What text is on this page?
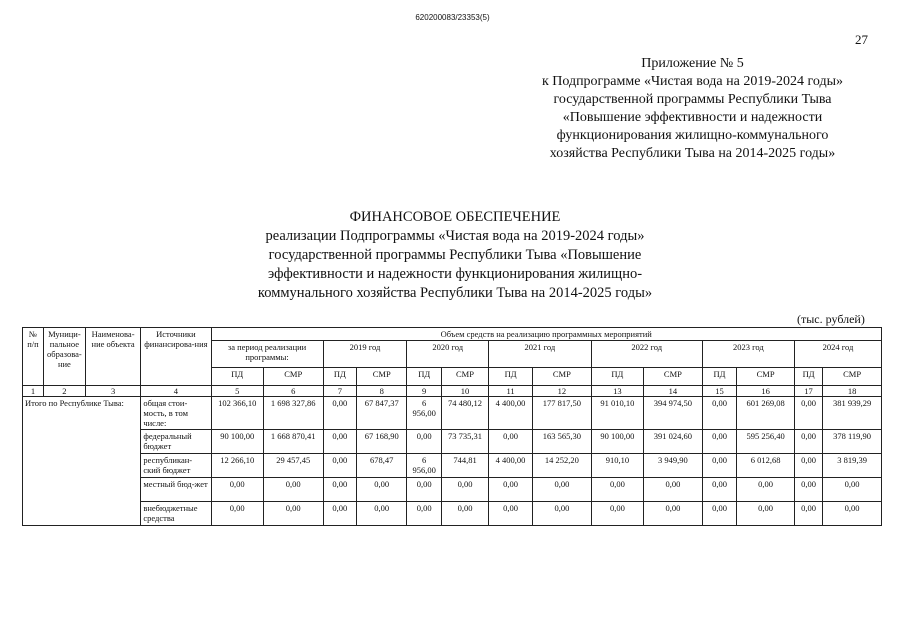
620200083/23353(5)
27
Приложение № 5
к Подпрограмме «Чистая вода на 2019-2024 годы»
государственной программы Республики Тыва
«Повышение эффективности и надежности
функционирования жилищно-коммунального
хозяйства Республики Тыва на 2014-2025 годы»
ФИНАНСОВОЕ ОБЕСПЕЧЕНИЕ
реализации Подпрограммы «Чистая вода на 2019-2024 годы»
государственной программы Республики Тыва «Повышение
эффективности и надежности функционирования жилищно-
коммунального хозяйства Республики Тыва на 2014-2025 годы»
(тыс. рублей)
№ п/п	Муници-пальное образова-ние	Наименова-ние объекта	Источники финансирова-ния	Объем средств на реализацию программных мероприятий													
				за период реализации программы:		2019 год		2020 год		2021 год		2022 год		2023 год		2024 год	
				ПД	СМР	ПД	СМР	ПД	СМР	ПД	СМР	ПД	СМР	ПД	СМР	ПД	СМР
1	2	3	4	5	6	7	8	9	10	11	12	13	14	15	16	17	18
Итого по Республике Тыва:			общая стои-мость, в том числе:	102 366,10	1 698 327,86	0,00	67 847,37	6 956,00	74 480,12	4 400,00	177 817,50	91 010,10	394 974,50	0,00	601 269,08	0,00	381 939,29
			федеральный бюджет	90 100,00	1 668 870,41	0,00	67 168,90	0,00	73 735,31	0,00	163 565,30	90 100,00	391 024,60	0,00	595 256,40	0,00	378 119,90
			республикан-ский бюджет	12 266,10	29 457,45	0,00	678,47	6 956,00	744,81	4 400,00	14 252,20	910,10	3 949,90	0,00	6 012,68	0,00	3 819,39
			местный бюд-жет	0,00	0,00	0,00	0,00	0,00	0,00	0,00	0,00	0,00	0,00	0,00	0,00	0,00	0,00
			внебюджетные средства	0,00	0,00	0,00	0,00	0,00	0,00	0,00	0,00	0,00	0,00	0,00	0,00	0,00	0,00
